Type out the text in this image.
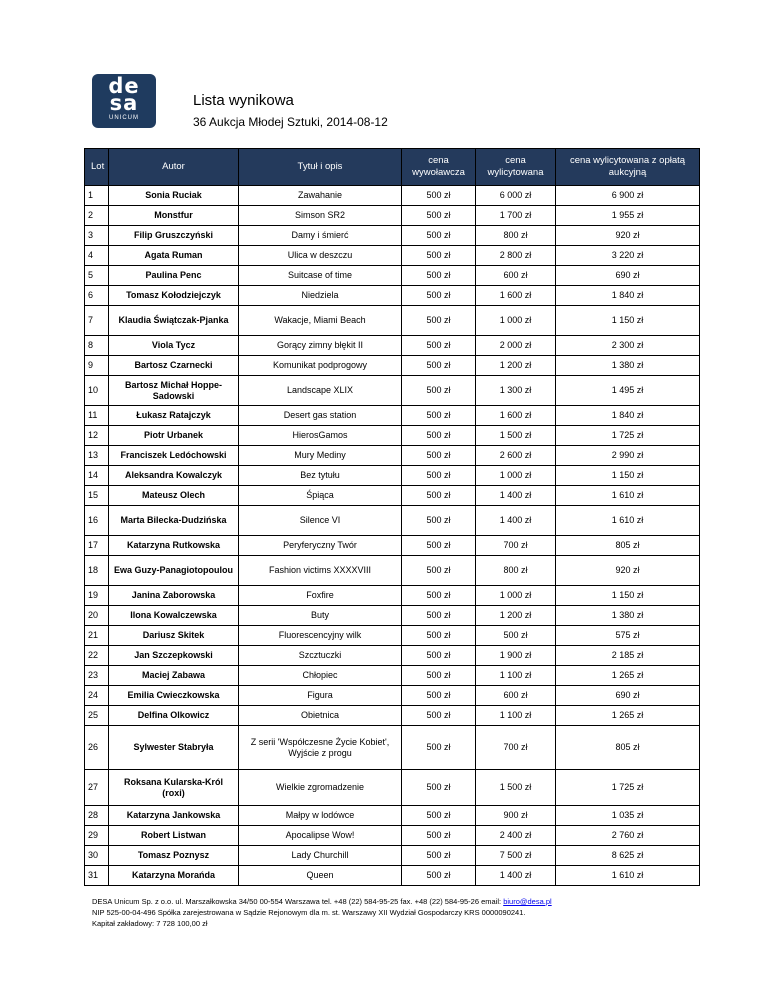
de
sa
UNICUM
Lista wynikowa
36 Aukcja Młodej Sztuki, 2014-08-12
Lot	Autor	Tytuł i opis	cena wywoławcza	cena wylicytowana	cena wylicytowana z opłatą aukcyjną
1	Sonia Ruciak	Zawahanie	500 zł	6 000 zł	6 900 zł
2	Monstfur	Simson SR2	500 zł	1 700 zł	1 955 zł
3	Filip Gruszczyński	Damy i śmierć	500 zł	800 zł	920 zł
4	Agata Ruman	Ulica w deszczu	500 zł	2 800 zł	3 220 zł
5	Paulina Penc	Suitcase of time	500 zł	600 zł	690 zł
6	Tomasz Kołodziejczyk	Niedziela	500 zł	1 600 zł	1 840 zł
7	Klaudia Świątczak-Pjanka	Wakacje, Miami Beach	500 zł	1 000 zł	1 150 zł
8	Viola Tycz	Gorący zimny błękit II	500 zł	2 000 zł	2 300 zł
9	Bartosz Czarnecki	Komunikat podprogowy	500 zł	1 200 zł	1 380 zł
10	Bartosz Michał Hoppe-Sadowski	Landscape XLIX	500 zł	1 300 zł	1 495 zł
11	Łukasz Ratajczyk	Desert gas station	500 zł	1 600 zł	1 840 zł
12	Piotr Urbanek	HierosGamos	500 zł	1 500 zł	1 725 zł
13	Franciszek Ledóchowski	Mury Mediny	500 zł	2 600 zł	2 990 zł
14	Aleksandra Kowalczyk	Bez tytułu	500 zł	1 000 zł	1 150 zł
15	Mateusz Olech	Śpiąca	500 zł	1 400 zł	1 610 zł
16	Marta Bilecka-Dudzińska	Silence VI	500 zł	1 400 zł	1 610 zł
17	Katarzyna Rutkowska	Peryferyczny Twór	500 zł	700 zł	805 zł
18	Ewa Guzy-Panagiotopoulou	Fashion victims XXXXVIII	500 zł	800 zł	920 zł
19	Janina Zaborowska	Foxfire	500 zł	1 000 zł	1 150 zł
20	Ilona Kowalczewska	Buty	500 zł	1 200 zł	1 380 zł
21	Dariusz Skitek	Fluorescencyjny wilk	500 zł	500 zł	575 zł
22	Jan Szczepkowski	Szcztuczki	500 zł	1 900 zł	2 185 zł
23	Maciej Zabawa	Chłopiec	500 zł	1 100 zł	1 265 zł
24	Emilia Cwieczkowska	Figura	500 zł	600 zł	690 zł
25	Delfina Olkowicz	Obietnica	500 zł	1 100 zł	1 265 zł
26	Sylwester Stabryła	Z serii 'Współczesne Życie Kobiet', Wyjście z progu	500 zł	700 zł	805 zł
27	Roksana Kularska-Król (roxi)	Wielkie zgromadzenie	500 zł	1 500 zł	1 725 zł
28	Katarzyna Jankowska	Małpy w lodówce	500 zł	900 zł	1 035 zł
29	Robert Listwan	Apocalipse Wow!	500 zł	2 400 zł	2 760 zł
30	Tomasz Poznysz	Lady Churchill	500 zł	7 500 zł	8 625 zł
31	Katarzyna Morańda	Queen	500 zł	1 400 zł	1 610 zł
DESA Unicum Sp. z o.o. ul. Marszałkowska 34/50 00-554 Warszawa tel. +48 (22) 584-95-25 fax. +48 (22) 584-95-26 email: biuro@desa.pl
NIP 525-00-04-496 Spółka zarejestrowana w Sądzie Rejonowym dla m. st. Warszawy XII Wydział Gospodarczy KRS 0000090241.
Kapitał zakładowy: 7 728 100,00 zł
